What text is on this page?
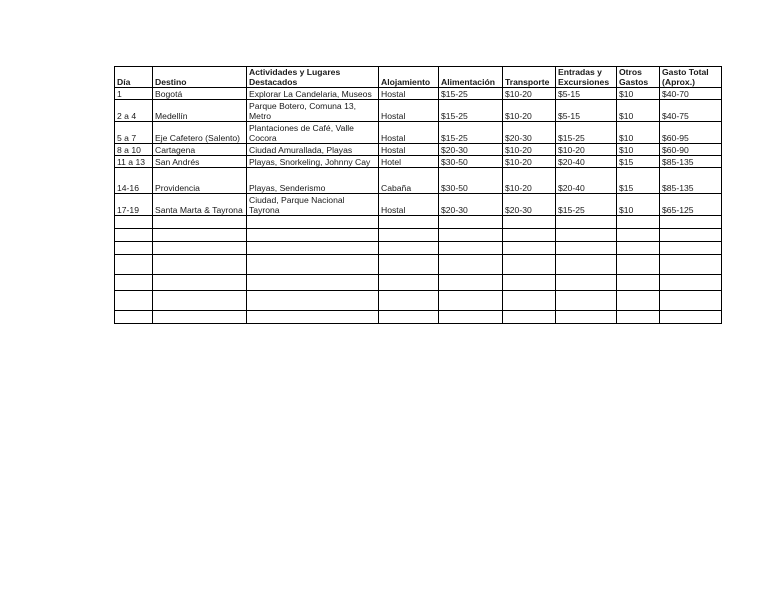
Día	Destino	Actividades y Lugares Destacados	Alojamiento	Alimentación	Transporte	Entradas y Excursiones	Otros Gastos	Gasto Total (Aprox.)
1	Bogotá	Explorar La Candelaria, Museos	Hostal	$15-25	$10-20	$5-15	$10	$40-70
2 a 4	Medellín	Parque Botero, Comuna 13, Metro	Hostal	$15-25	$10-20	$5-15	$10	$40-75
5 a 7	Eje Cafetero (Salento)	Plantaciones de Café, Valle Cocora	Hostal	$15-25	$20-30	$15-25	$10	$60-95
8 a 10	Cartagena	Ciudad Amurallada, Playas	Hostal	$20-30	$10-20	$10-20	$10	$60-90
11 a 13	San Andrés	Playas, Snorkeling, Johnny Cay	Hotel	$30-50	$10-20	$20-40	$15	$85-135
14-16	Providencia	Playas, Senderismo	Cabaña	$30-50	$10-20	$20-40	$15	$85-135
17-19	Santa Marta & Tayrona	Ciudad, Parque Nacional Tayrona	Hostal	$20-30	$20-30	$15-25	$10	$65-125
